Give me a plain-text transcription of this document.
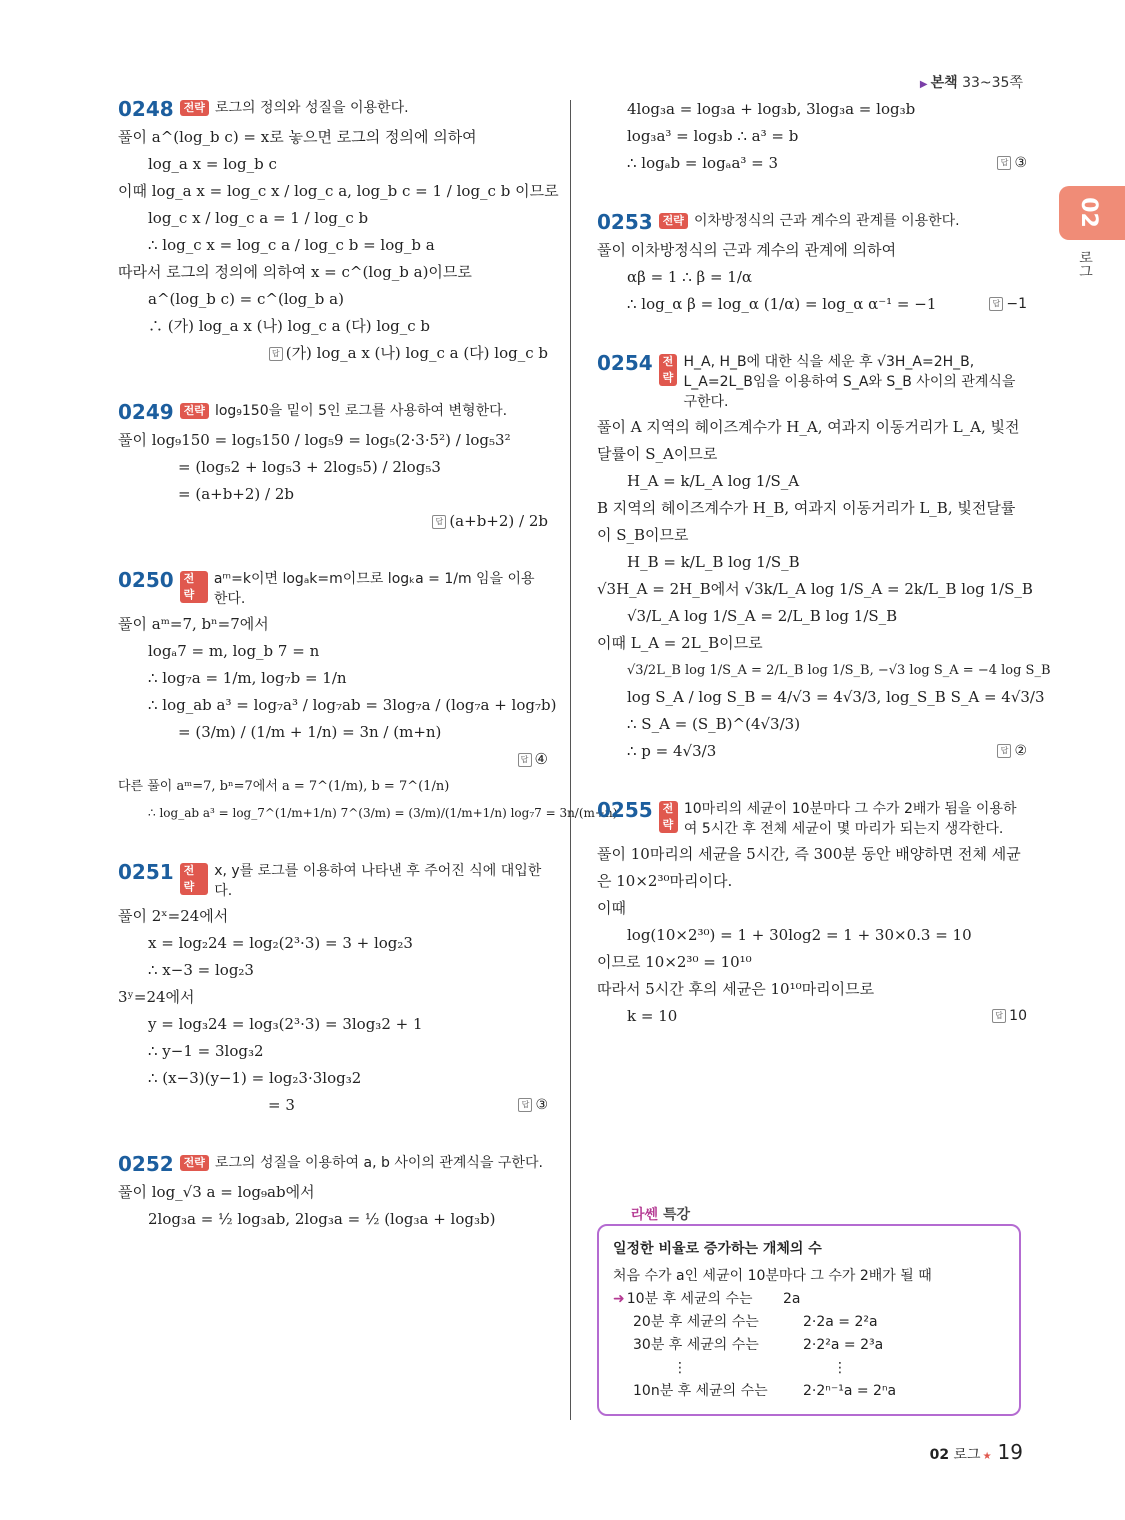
▶ 본책 33~35쪽
02
로그
0248 전략 로그의 정의와 성질을 이용한다.
풀이 a^(log_b c) = x로 놓으면 로그의 정의에 의하여
log_a x = log_b c
이때 log_a x = log_c x / log_c a, log_b c = 1 / log_c b 이므로
log_c x / log_c a = 1 / log_c b
∴ log_c x = log_c a / log_c b = log_b a
따라서 로그의 정의에 의하여 x = c^(log_b a)이므로
a^(log_b c) = c^(log_b a)
∴ (가) log_a x (나) log_c a (다) log_c b
답 (가) log_a x (나) log_c a (다) log_c b
0249 전략 log₉150을 밑이 5인 로그를 사용하여 변형한다.
풀이 log₉150 = log₅150 / log₅9 = log₅(2·3·5²) / log₅3²
= (log₅2 + log₅3 + 2log₅5) / 2log₅3
= (a+b+2) / 2b
답 (a+b+2) / 2b
0250 전략
aᵐ=k이면 logₐk=m이므로 logₖa = 1/m 임을 이용한다.
풀이 aᵐ=7, bⁿ=7에서
logₐ7 = m, log_b 7 = n
∴ log₇a = 1/m, log₇b = 1/n
∴ log_ab a³ = log₇a³ / log₇ab = 3log₇a / (log₇a + log₇b)
= (3/m) / (1/m + 1/n) = 3n / (m+n)
답 ④
다른 풀이 aᵐ=7, bⁿ=7에서 a = 7^(1/m), b = 7^(1/n)
∴ log_ab a³ = log_7^(1/m+1/n) 7^(3/m) = (3/m)/(1/m+1/n) log₇7 = 3n/(m+n)
0251 전략
x, y를 로그를 이용하여 나타낸 후 주어진 식에 대입한다.
풀이 2ˣ=24에서
x = log₂24 = log₂(2³·3) = 3 + log₂3
∴ x−3 = log₂3
3ʸ=24에서
y = log₃24 = log₃(2³·3) = 3log₃2 + 1
∴ y−1 = 3log₃2
∴ (x−3)(y−1) = log₂3·3log₃2
= 3	답 ③
0252 전략 로그의 성질을 이용하여 a, b 사이의 관계식을 구한다.
풀이 log_√3 a = log₉ab에서
2log₃a = ½ log₃ab, 2log₃a = ½ (log₃a + log₃b)
4log₃a = log₃a + log₃b, 3log₃a = log₃b
log₃a³ = log₃b ∴ a³ = b
∴ logₐb = logₐa³ = 3	답 ③
0253 전략 이차방정식의 근과 계수의 관계를 이용한다.
풀이 이차방정식의 근과 계수의 관계에 의하여
αβ = 1 ∴ β = 1/α
∴ log_α β = log_α (1/α) = log_α α⁻¹ = −1	답 −1
0254 전략
H_A, H_B에 대한 식을 세운 후 √3H_A=2H_B, L_A=2L_B임을 이용하여 S_A와 S_B 사이의 관계식을 구한다.
풀이 A 지역의 헤이즈계수가 H_A, 여과지 이동거리가 L_A, 빛전 달률이 S_A이므로
H_A = k/L_A log 1/S_A
B 지역의 헤이즈계수가 H_B, 여과지 이동거리가 L_B, 빛전달률이 S_B이므로
H_B = k/L_B log 1/S_B
√3H_A = 2H_B에서 √3k/L_A log 1/S_A = 2k/L_B log 1/S_B
√3/L_A log 1/S_A = 2/L_B log 1/S_B
이때 L_A = 2L_B이므로
√3/2L_B log 1/S_A = 2/L_B log 1/S_B, −√3 log S_A = −4 log S_B
log S_A / log S_B = 4/√3 = 4√3/3, log_S_B S_A = 4√3/3
∴ S_A = (S_B)^(4√3/3)
∴ p = 4√3/3	답 ②
0255 전략
10마리의 세균이 10분마다 그 수가 2배가 됨을 이용하여 5시간 후 전체 세균이 몇 마리가 되는지 생각한다.
풀이 10마리의 세균을 5시간, 즉 300분 동안 배양하면 전체 세균은 10×2³⁰마리이다.
이때
log(10×2³⁰) = 1 + 30log2 = 1 + 30×0.3 = 10
이므로 10×2³⁰ = 10¹⁰
따라서 5시간 후의 세균은 10¹⁰마리이므로
k = 10	답 10
일정한 비율로 증가하는 개체의 수
처음 수가 a인 세균이 10분마다 그 수가 2배가 될 때
➜ 10분 후 세균의 수는	2a
20분 후 세균의 수는	2·2a = 2²a
30분 후 세균의 수는	2·2²a = 2³a
⋮	⋮
10n분 후 세균의 수는	2·2ⁿ⁻¹a = 2ⁿa
라쎈 특강
02 로그 ★ 19
